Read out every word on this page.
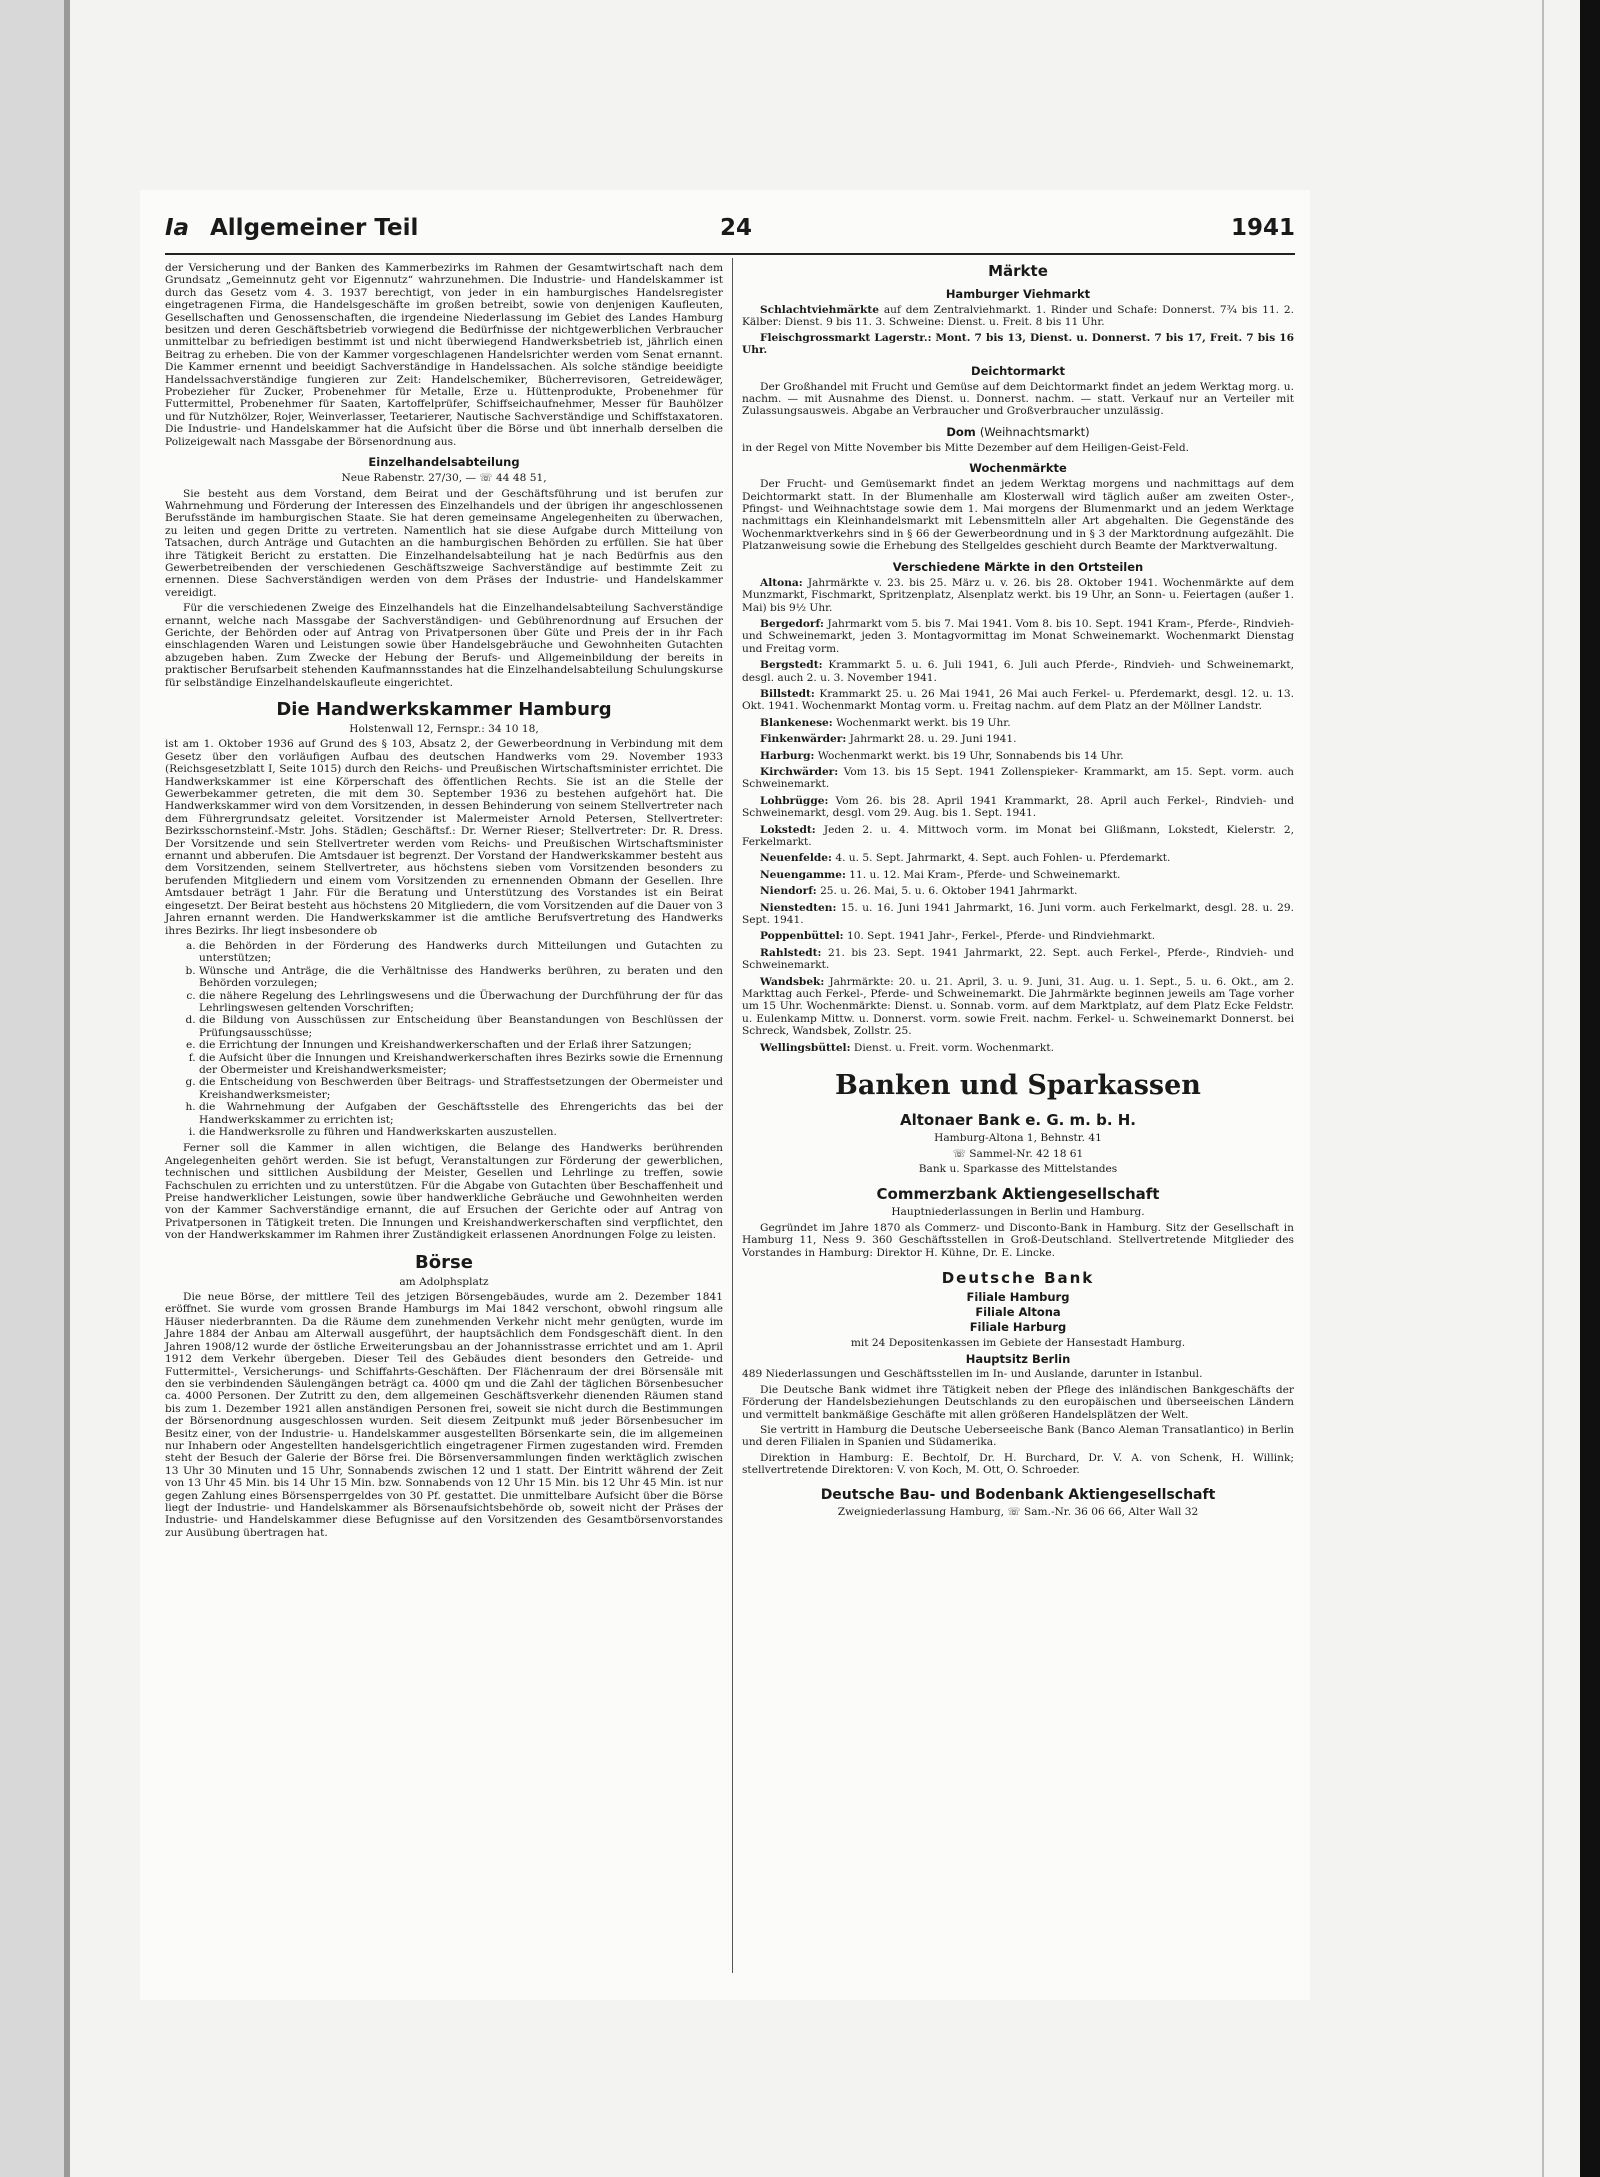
Ia Allgemeiner Teil	24	1941

der Versicherung und der Banken des Kammerbezirks im Rahmen der Gesamtwirtschaft nach dem Grundsatz „Gemeinnutz geht vor Eigennutz“ wahrzunehmen. Die Industrie- und Handelskammer ist durch das Gesetz vom 4. 3. 1937 berechtigt, von jeder in ein hamburgisches Handelsregister eingetragenen Firma, die Handelsgeschäfte im großen betreibt, sowie von denjenigen Kaufleuten, Gesellschaften und Genossenschaften, die irgendeine Niederlassung im Gebiet des Landes Hamburg besitzen und deren Geschäftsbetrieb vorwiegend die Bedürfnisse der nichtgewerblichen Verbraucher unmittelbar zu befriedigen bestimmt ist und nicht überwiegend Handwerksbetrieb ist, jährlich einen Beitrag zu erheben. Die von der Kammer vorgeschlagenen Handelsrichter werden vom Senat ernannt. Die Kammer ernennt und beeidigt Sachverständige in Handelssachen. Als solche ständige beeidigte Handelssachverständige fungieren zur Zeit: Handelschemiker, Bücherrevisoren, Getreidewäger, Probezieher für Zucker, Probenehmer für Metalle, Erze u. Hüttenprodukte, Probenehmer für Futtermittel, Probenehmer für Saaten, Kartoffelprüfer, Schiffseichaufnehmer, Messer für Bauhölzer und für Nutzhölzer, Rojer, Weinverlasser, Teetarierer, Nautische Sachverständige und Schiffstaxatoren. Die Industrie- und Handelskammer hat die Aufsicht über die Börse und übt innerhalb derselben die Polizeigewalt nach Massgabe der Börsenordnung aus.

Einzelhandelsabteilung

Neue Rabenstr. 27/30, — ☏ 44 48 51,

Sie besteht aus dem Vorstand, dem Beirat und der Geschäftsführung und ist berufen zur Wahrnehmung und Förderung der Interessen des Einzelhandels und der übrigen ihr angeschlossenen Berufsstände im hamburgischen Staate. Sie hat deren gemeinsame Angelegenheiten zu überwachen, zu leiten und gegen Dritte zu vertreten. Namentlich hat sie diese Aufgabe durch Mitteilung von Tatsachen, durch Anträge und Gutachten an die hamburgischen Behörden zu erfüllen. Sie hat über ihre Tätigkeit Bericht zu erstatten. Die Einzelhandelsabteilung hat je nach Bedürfnis aus den Gewerbetreibenden der verschiedenen Geschäftszweige Sachverständige auf bestimmte Zeit zu ernennen. Diese Sachverständigen werden von dem Präses der Industrie- und Handelskammer vereidigt.

Für die verschiedenen Zweige des Einzelhandels hat die Einzelhandelsabteilung Sachverständige ernannt, welche nach Massgabe der Sachverständigen- und Gebührenordnung auf Ersuchen der Gerichte, der Behörden oder auf Antrag von Privatpersonen über Güte und Preis der in ihr Fach einschlagenden Waren und Leistungen sowie über Handelsgebräuche und Gewohnheiten Gutachten abzugeben haben. Zum Zwecke der Hebung der Berufs- und Allgemeinbildung der bereits in praktischer Berufsarbeit stehenden Kaufmannsstandes hat die Einzelhandelsabteilung Schulungskurse für selbständige Einzelhandelskaufleute eingerichtet.

Die Handwerkskammer Hamburg

Holstenwall 12, Fernspr.: 34 10 18,

ist am 1. Oktober 1936 auf Grund des § 103, Absatz 2, der Gewerbeordnung in Verbindung mit dem Gesetz über den vorläufigen Aufbau des deutschen Handwerks vom 29. November 1933 (Reichsgesetzblatt I, Seite 1015) durch den Reichs- und Preußischen Wirtschaftsminister errichtet. Die Handwerkskammer ist eine Körperschaft des öffentlichen Rechts. Sie ist an die Stelle der Gewerbekammer getreten, die mit dem 30. September 1936 zu bestehen aufgehört hat. Die Handwerkskammer wird von dem Vorsitzenden, in dessen Behinderung von seinem Stellvertreter nach dem Führergrundsatz geleitet. Vorsitzender ist Malermeister Arnold Petersen, Stellvertreter: Bezirksschornsteinf.-Mstr. Johs. Städlen; Geschäftsf.: Dr. Werner Rieser; Stellvertreter: Dr. R. Dress. Der Vorsitzende und sein Stellvertreter werden vom Reichs- und Preußischen Wirtschaftsminister ernannt und abberufen. Die Amtsdauer ist begrenzt. Der Vorstand der Handwerkskammer besteht aus dem Vorsitzenden, seinem Stellvertreter, aus höchstens sieben vom Vorsitzenden besonders zu berufenden Mitgliedern und einem vom Vorsitzenden zu ernennenden Obmann der Gesellen. Ihre Amtsdauer beträgt 1 Jahr. Für die Beratung und Unterstützung des Vorstandes ist ein Beirat eingesetzt. Der Beirat besteht aus höchstens 20 Mitgliedern, die vom Vorsitzenden auf die Dauer von 3 Jahren ernannt werden. Die Handwerkskammer ist die amtliche Berufsvertretung des Handwerks ihres Bezirks. Ihr liegt insbesondere ob

a. die Behörden in der Förderung des Handwerks durch Mitteilungen und Gutachten zu unterstützen;
b. Wünsche und Anträge, die die Verhältnisse des Handwerks berühren, zu beraten und den Behörden vorzulegen;
c. die nähere Regelung des Lehrlingswesens und die Überwachung der Durchführung der für das Lehrlingswesen geltenden Vorschriften;
d. die Bildung von Ausschüssen zur Entscheidung über Beanstandungen von Beschlüssen der Prüfungsausschüsse;
e. die Errichtung der Innungen und Kreishandwerkerschaften und der Erlaß ihrer Satzungen;
f. die Aufsicht über die Innungen und Kreishandwerkerschaften ihres Bezirks sowie die Ernennung der Obermeister und Kreishandwerksmeister;
g. die Entscheidung von Beschwerden über Beitrags- und Straffestsetzungen der Obermeister und Kreishandwerksmeister;
h. die Wahrnehmung der Aufgaben der Geschäftsstelle des Ehrengerichts das bei der Handwerkskammer zu errichten ist;
i. die Handwerksrolle zu führen und Handwerkskarten auszustellen.

Ferner soll die Kammer in allen wichtigen, die Belange des Handwerks berührenden Angelegenheiten gehört werden. Sie ist befugt, Veranstaltungen zur Förderung der gewerblichen, technischen und sittlichen Ausbildung der Meister, Gesellen und Lehrlinge zu treffen, sowie Fachschulen zu errichten und zu unterstützen. Für die Abgabe von Gutachten über Beschaffenheit und Preise handwerklicher Leistungen, sowie über handwerkliche Gebräuche und Gewohnheiten werden von der Kammer Sachverständige ernannt, die auf Ersuchen der Gerichte oder auf Antrag von Privatpersonen in Tätigkeit treten. Die Innungen und Kreishandwerkerschaften sind verpflichtet, den von der Handwerkskammer im Rahmen ihrer Zuständigkeit erlassenen Anordnungen Folge zu leisten.

Börse

am Adolphsplatz

Die neue Börse, der mittlere Teil des jetzigen Börsengebäudes, wurde am 2. Dezember 1841 eröffnet. Sie wurde vom grossen Brande Hamburgs im Mai 1842 verschont, obwohl ringsum alle Häuser niederbrannten. Da die Räume dem zunehmenden Verkehr nicht mehr genügten, wurde im Jahre 1884 der Anbau am Alterwall ausgeführt, der hauptsächlich dem Fondsgeschäft dient. In den Jahren 1908/12 wurde der östliche Erweiterungsbau an der Johannisstrasse errichtet und am 1. April 1912 dem Verkehr übergeben. Dieser Teil des Gebäudes dient besonders den Getreide- und Futtermittel-, Versicherungs- und Schiffahrts-Geschäften. Der Flächenraum der drei Börsensäle mit den sie verbindenden Säulengängen beträgt ca. 4000 qm und die Zahl der täglichen Börsenbesucher ca. 4000 Personen. Der Zutritt zu den, dem allgemeinen Geschäftsverkehr dienenden Räumen stand bis zum 1. Dezember 1921 allen anständigen Personen frei, soweit sie nicht durch die Bestimmungen der Börsenordnung ausgeschlossen wurden. Seit diesem Zeitpunkt muß jeder Börsenbesucher im Besitz einer, von der Industrie- u. Handelskammer ausgestellten Börsenkarte sein, die im allgemeinen nur Inhabern oder Angestellten handelsgerichtlich eingetragener Firmen zugestanden wird. Fremden steht der Besuch der Galerie der Börse frei. Die Börsenversammlungen finden werktäglich zwischen 13 Uhr 30 Minuten und 15 Uhr, Sonnabends zwischen 12 und 1 statt. Der Eintritt während der Zeit von 13 Uhr 45 Min. bis 14 Uhr 15 Min. bzw. Sonnabends von 12 Uhr 15 Min. bis 12 Uhr 45 Min. ist nur gegen Zahlung eines Börsensperrgeldes von 30 Pf. gestattet. Die unmittelbare Aufsicht über die Börse liegt der Industrie- und Handelskammer als Börsenaufsichtsbehörde ob, soweit nicht der Präses der Industrie- und Handelskammer diese Befugnisse auf den Vorsitzenden des Gesamtbörsenvorstandes zur Ausübung übertragen hat.

Märkte
Hamburger Viehmarkt

Schlachtviehmärkte auf dem Zentralviehmarkt. 1. Rinder und Schafe: Donnerst. 7¾ bis 11. 2. Kälber: Dienst. 9 bis 11. 3. Schweine: Dienst. u. Freit. 8 bis 11 Uhr.

Fleischgrossmarkt Lagerstr.: Mont. 7 bis 13, Dienst. u. Donnerst. 7 bis 17, Freit. 7 bis 16 Uhr.

Deichtormarkt

Der Großhandel mit Frucht und Gemüse auf dem Deichtormarkt findet an jedem Werktag morg. u. nachm. — mit Ausnahme des Dienst. u. Donnerst. nachm. — statt. Verkauf nur an Verteiler mit Zulassungsausweis. Abgabe an Verbraucher und Großverbraucher unzulässig.

Dom (Weihnachtsmarkt)

in der Regel von Mitte November bis Mitte Dezember auf dem Heiligen-Geist-Feld.

Wochenmärkte

Der Frucht- und Gemüsemarkt findet an jedem Werktag morgens und nachmittags auf dem Deichtormarkt statt. In der Blumenhalle am Klosterwall wird täglich außer am zweiten Oster-, Pfingst- und Weihnachtstage sowie dem 1. Mai morgens der Blumenmarkt und an jedem Werktage nachmittags ein Kleinhandelsmarkt mit Lebensmitteln aller Art abgehalten. Die Gegenstände des Wochenmarktverkehrs sind in § 66 der Gewerbeordnung und in § 3 der Marktordnung aufgezählt. Die Platzanweisung sowie die Erhebung des Stellgeldes geschieht durch Beamte der Marktverwaltung.

Verschiedene Märkte in den Ortsteilen

Altona: Jahrmärkte v. 23. bis 25. März u. v. 26. bis 28. Oktober 1941. Wochenmärkte auf dem Munzmarkt, Fischmarkt, Spritzenplatz, Alsenplatz werkt. bis 19 Uhr, an Sonn- u. Feiertagen (außer 1. Mai) bis 9½ Uhr.

Bergedorf: Jahrmarkt vom 5. bis 7. Mai 1941. Vom 8. bis 10. Sept. 1941 Kram-, Pferde-, Rindvieh- und Schweinemarkt, jeden 3. Montagvormittag im Monat Schweinemarkt. Wochenmarkt Dienstag und Freitag vorm.

Bergstedt: Krammarkt 5. u. 6. Juli 1941, 6. Juli auch Pferde-, Rindvieh- und Schweinemarkt, desgl. auch 2. u. 3. November 1941.

Billstedt: Krammarkt 25. u. 26 Mai 1941, 26 Mai auch Ferkel- u. Pferdemarkt, desgl. 12. u. 13. Okt. 1941. Wochenmarkt Montag vorm. u. Freitag nachm. auf dem Platz an der Möllner Landstr.

Blankenese: Wochenmarkt werkt. bis 19 Uhr.

Finkenwärder: Jahrmarkt 28. u. 29. Juni 1941.

Harburg: Wochenmarkt werkt. bis 19 Uhr, Sonnabends bis 14 Uhr.

Kirchwärder: Vom 13. bis 15 Sept. 1941 Zollenspieker- Krammarkt, am 15. Sept. vorm. auch Schweinemarkt.

Lohbrügge: Vom 26. bis 28. April 1941 Krammarkt, 28. April auch Ferkel-, Rindvieh- und Schweinemarkt, desgl. vom 29. Aug. bis 1. Sept. 1941.

Lokstedt: Jeden 2. u. 4. Mittwoch vorm. im Monat bei Glißmann, Lokstedt, Kielerstr. 2, Ferkelmarkt.

Neuenfelde: 4. u. 5. Sept. Jahrmarkt, 4. Sept. auch Fohlen- u. Pferdemarkt.

Neuengamme: 11. u. 12. Mai Kram-, Pferde- und Schweinemarkt.

Niendorf: 25. u. 26. Mai, 5. u. 6. Oktober 1941 Jahrmarkt.

Nienstedten: 15. u. 16. Juni 1941 Jahrmarkt, 16. Juni vorm. auch Ferkelmarkt, desgl. 28. u. 29. Sept. 1941.

Poppenbüttel: 10. Sept. 1941 Jahr-, Ferkel-, Pferde- und Rindviehmarkt.

Rahlstedt: 21. bis 23. Sept. 1941 Jahrmarkt, 22. Sept. auch Ferkel-, Pferde-, Rindvieh- und Schweinemarkt.

Wandsbek: Jahrmärkte: 20. u. 21. April, 3. u. 9. Juni, 31. Aug. u. 1. Sept., 5. u. 6. Okt., am 2. Markttag auch Ferkel-, Pferde- und Schweinemarkt. Die Jahrmärkte beginnen jeweils am Tage vorher um 15 Uhr. Wochenmärkte: Dienst. u. Sonnab. vorm. auf dem Marktplatz, auf dem Platz Ecke Feldstr. u. Eulenkamp Mittw. u. Donnerst. vorm. sowie Freit. nachm. Ferkel- u. Schweinemarkt Donnerst. bei Schreck, Wandsbek, Zollstr. 25.

Wellingsbüttel: Dienst. u. Freit. vorm. Wochenmarkt.

Banken und Sparkassen
Altonaer Bank e. G. m. b. H.

Hamburg-Altona 1, Behnstr. 41

☏ Sammel-Nr. 42 18 61

Bank u. Sparkasse des Mittelstandes

Commerzbank Aktiengesellschaft

Hauptniederlassungen in Berlin und Hamburg.

Gegründet im Jahre 1870 als Commerz- und Disconto-Bank in Hamburg. Sitz der Gesellschaft in Hamburg 11, Ness 9. 360 Geschäftsstellen in Groß-Deutschland. Stellvertretende Mitglieder des Vorstandes in Hamburg: Direktor H. Kühne, Dr. E. Lincke.

Deutsche Bank
Filiale Hamburg
Filiale Altona
Filiale Harburg

mit 24 Depositenkassen im Gebiete der Hansestadt Hamburg.

Hauptsitz Berlin

489 Niederlassungen und Geschäftsstellen im In- und Auslande, darunter in Istanbul.

Die Deutsche Bank widmet ihre Tätigkeit neben der Pflege des inländischen Bankgeschäfts der Förderung der Handelsbeziehungen Deutschlands zu den europäischen und überseeischen Ländern und vermittelt bankmäßige Geschäfte mit allen größeren Handelsplätzen der Welt.

Sie vertritt in Hamburg die Deutsche Ueberseeische Bank (Banco Aleman Transatlantico) in Berlin und deren Filialen in Spanien und Südamerika.

Direktion in Hamburg: E. Bechtolf, Dr. H. Burchard, Dr. V. A. von Schenk, H. Willink; stellvertretende Direktoren: V. von Koch, M. Ott, O. Schroeder.

Deutsche Bau- und Bodenbank Aktiengesellschaft

Zweigniederlassung Hamburg, ☏ Sam.-Nr. 36 06 66, Alter Wall 32
